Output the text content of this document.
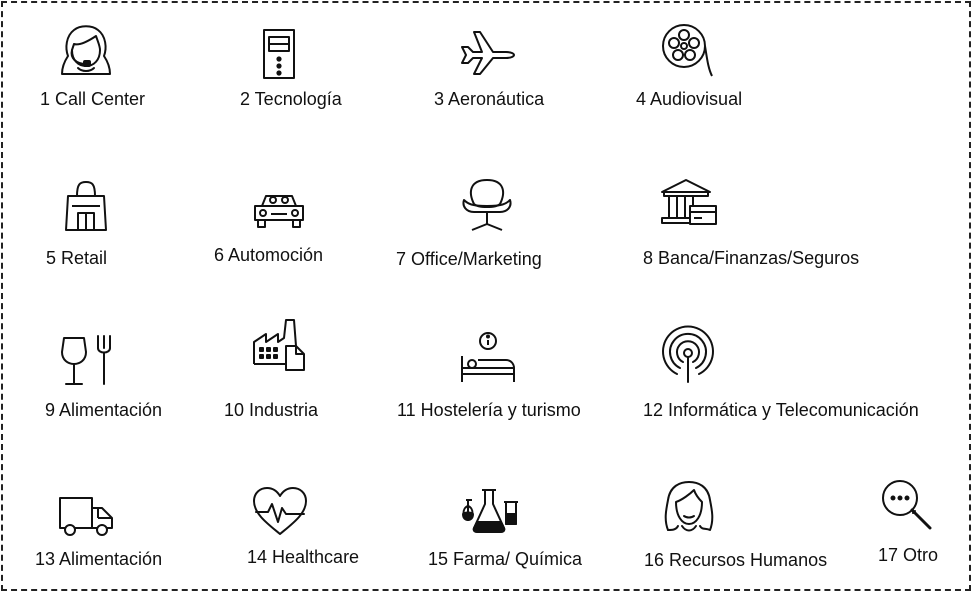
1 Call Center	2 Tecnología	3 Aeronáutica	4 Audiovisual
5 Retail	6 Automoción	7 Office/Marketing	8 Banca/Finanzas/Seguros
9 Alimentación	10 Industria	11 Hostelería y turismo	12 Informática y Telecomunicación
13 Alimentación	14 Healthcare	15 Farma/ Química	16 Recursos Humanos	17 Otro
